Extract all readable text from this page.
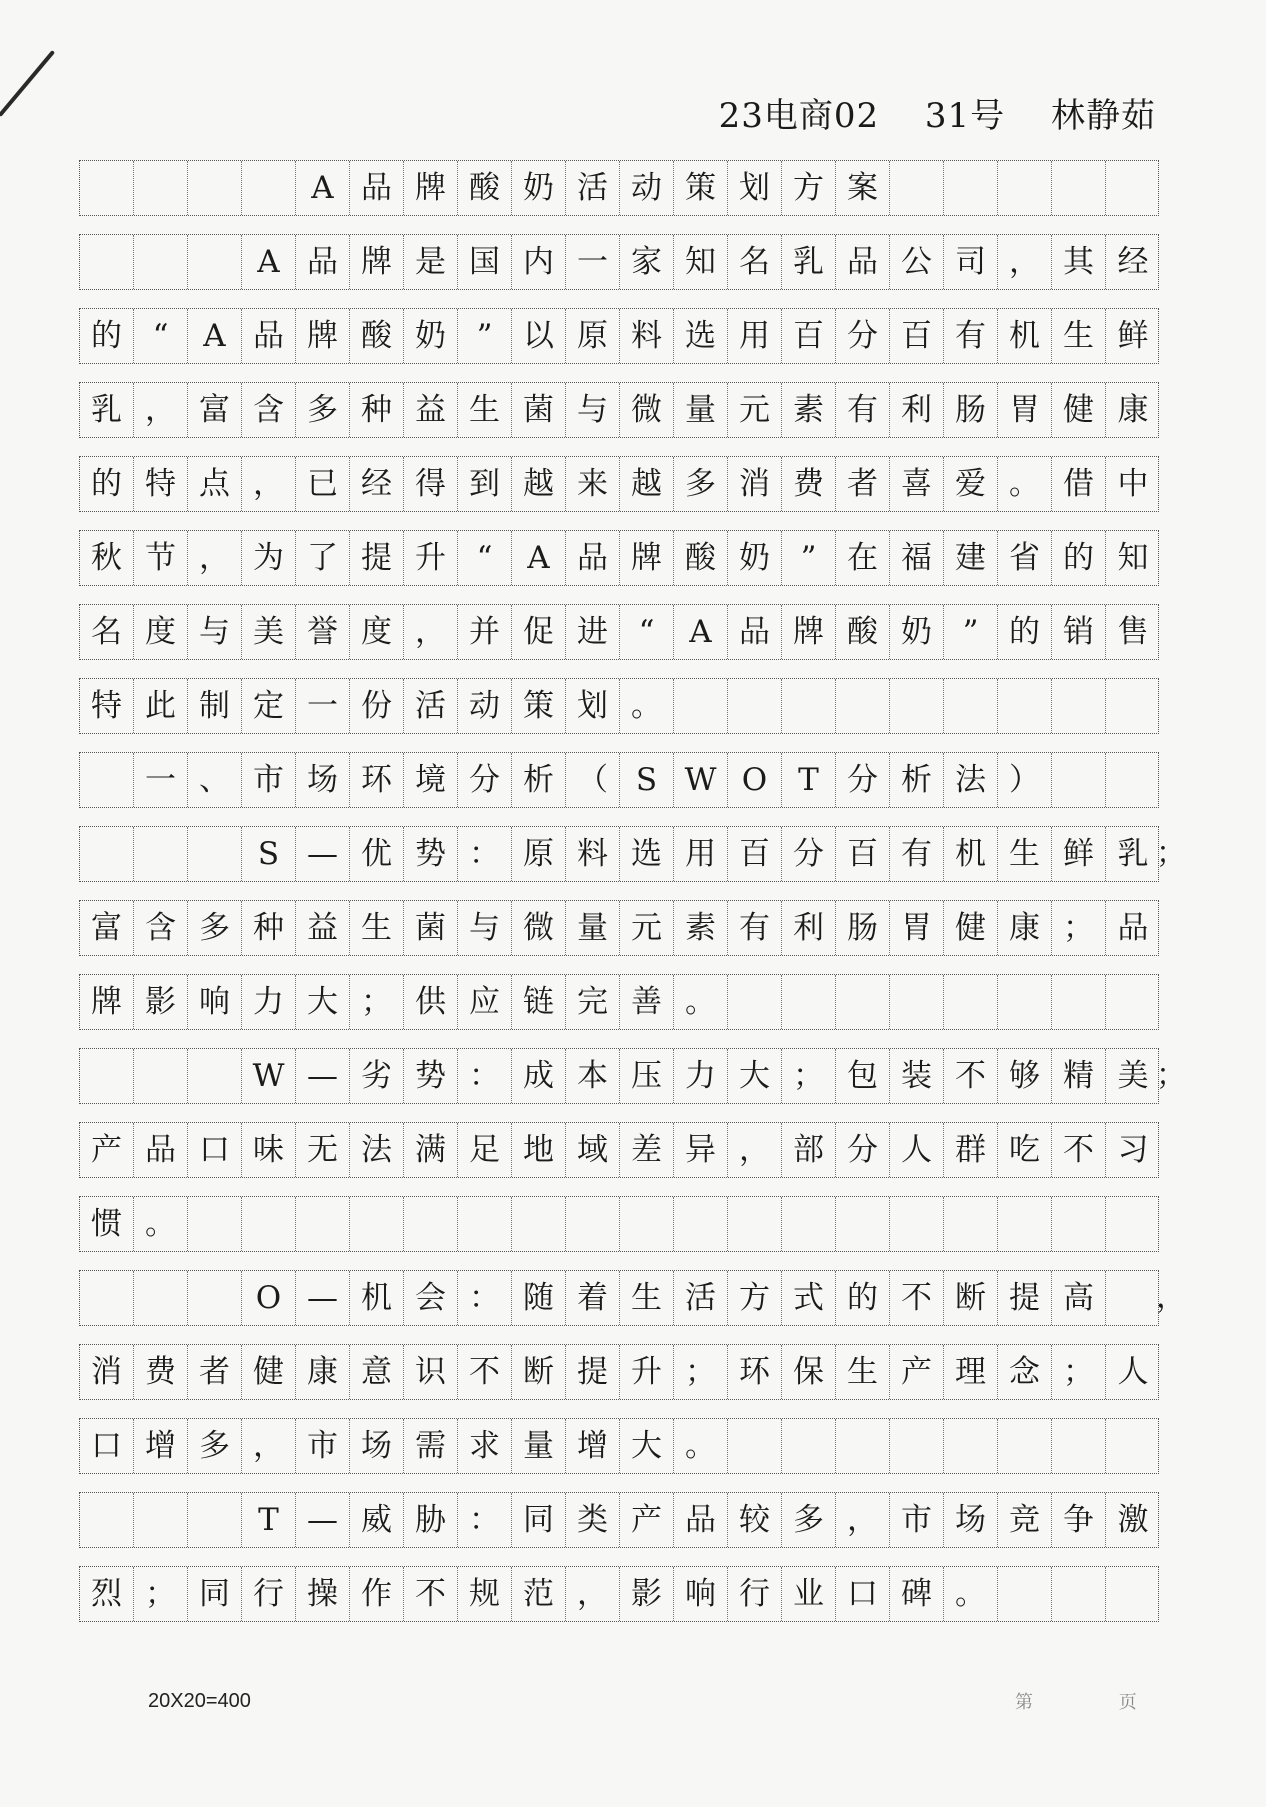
23电商02 31号 林静茹
A 品 牌 酸 奶 活 动 策 划 方 案
A 品 牌 是 国 内 一 家 知 名 乳 品 公 司 ， 其 经
的 “	A 品 牌 酸 奶 ” 以 原 料 选 用 百 分 百 有 机 生 鲜
乳 ， 富 含 多 种 益 生 菌 与 微 量 元 素 有 利 肠 胃 健 康
的 特 点 ， 已 经 得 到 越 来 越 多 消 费 者 喜 爱 。 借 中
秋 节 ， 为 了 提 升 “	A 品 牌 酸 奶 ” 在 福 建 省 的 知
名 度 与 美 誉 度 ， 并 促 进 “	A 品 牌 酸 奶 ” 的 销 售
特 此 制 定 一 份 活 动 策 划 。
一 、 市 场 环 境 分 析 （ S W O T 分 析 法 ）
S — 优 势 ： 原 料 选 用 百 分 百 有 机 生 鲜 乳 ；
富 含 多 种 益 生 菌 与 微 量 元 素 有 利 肠 胃 健 康 ； 品
牌 影 响 力 大 ； 供 应 链 完 善 。
W — 劣 势 ： 成 本 压 力 大 ； 包 装 不 够 精 美 ；
产 品 口 味 无 法 满 足 地 域 差 异 ， 部 分 人 群 吃 不 习
惯 。
O — 机 会 ： 随 着 生 活 方 式 的 不 断 提 高	，
消 费 者 健 康 意 识 不 断 提 升 ； 环 保 生 产 理 念 ； 人
口 增 多 ， 市 场 需 求 量 增 大 。
T — 威 胁 ： 同 类 产 品 较 多 ， 市 场 竞 争 激
烈 ； 同 行 操 作 不 规 范 ， 影 响 行 业 口 碑 。
20X20=400	第 页
